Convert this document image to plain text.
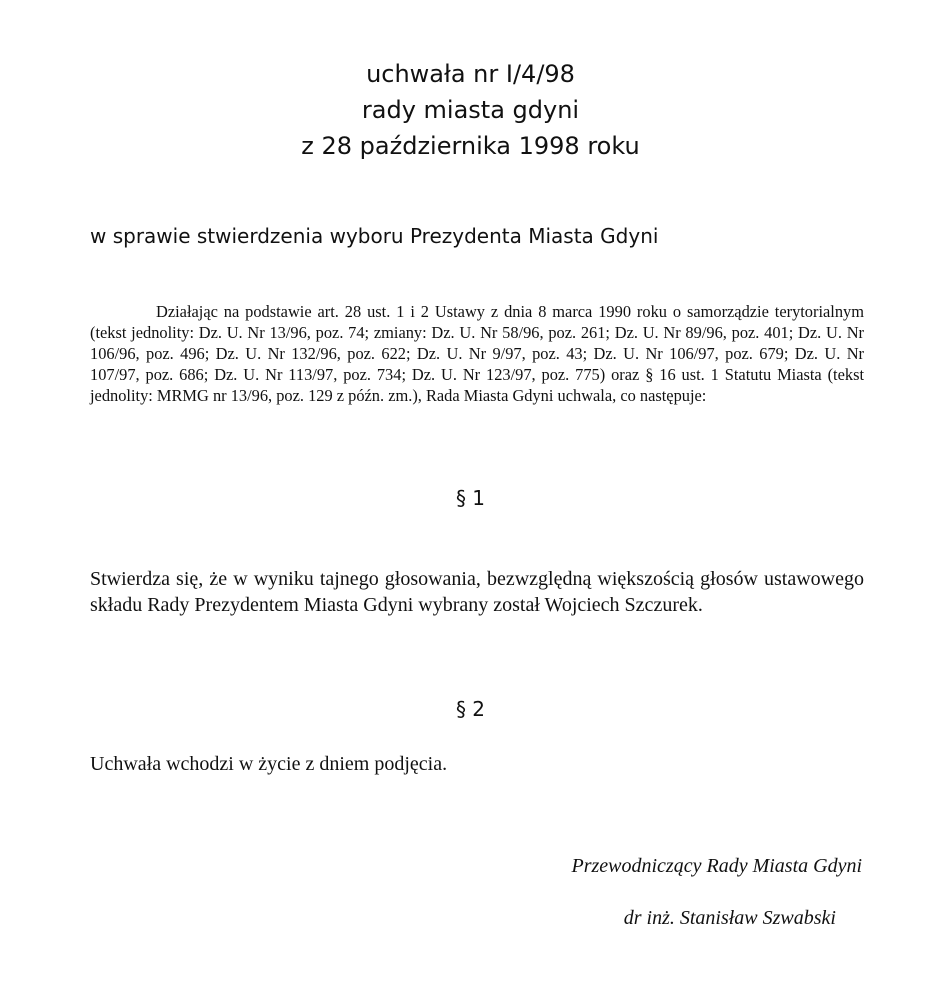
uchwała nr I/4/98
rady miasta gdyni
z 28 października 1998 roku
w sprawie stwierdzenia wyboru Prezydenta Miasta Gdyni
Działając na podstawie art. 28 ust. 1 i 2 Ustawy z dnia 8 marca 1990 roku o samorządzie terytorialnym (tekst jednolity: Dz. U. Nr 13/96, poz. 74; zmiany: Dz. U. Nr 58/96, poz. 261; Dz. U. Nr 89/96, poz. 401; Dz. U. Nr 106/96, poz. 496; Dz. U. Nr 132/96, poz. 622; Dz. U. Nr 9/97, poz. 43; Dz. U. Nr 106/97, poz. 679; Dz. U. Nr 107/97, poz. 686; Dz. U. Nr 113/97, poz. 734; Dz. U. Nr 123/97, poz. 775) oraz § 16 ust. 1 Statutu Miasta (tekst jednolity: MRMG nr 13/96, poz. 129 z późn. zm.), Rada Miasta Gdyni uchwala, co następuje:
§ 1
Stwierdza się, że w wyniku tajnego głosowania, bezwzględną większością głosów ustawowego składu Rady Prezydentem Miasta Gdyni wybrany został Wojciech Szczurek.
§ 2
Uchwała wchodzi w życie z dniem podjęcia.
Przewodniczący Rady Miasta Gdyni
dr inż. Stanisław Szwabski
